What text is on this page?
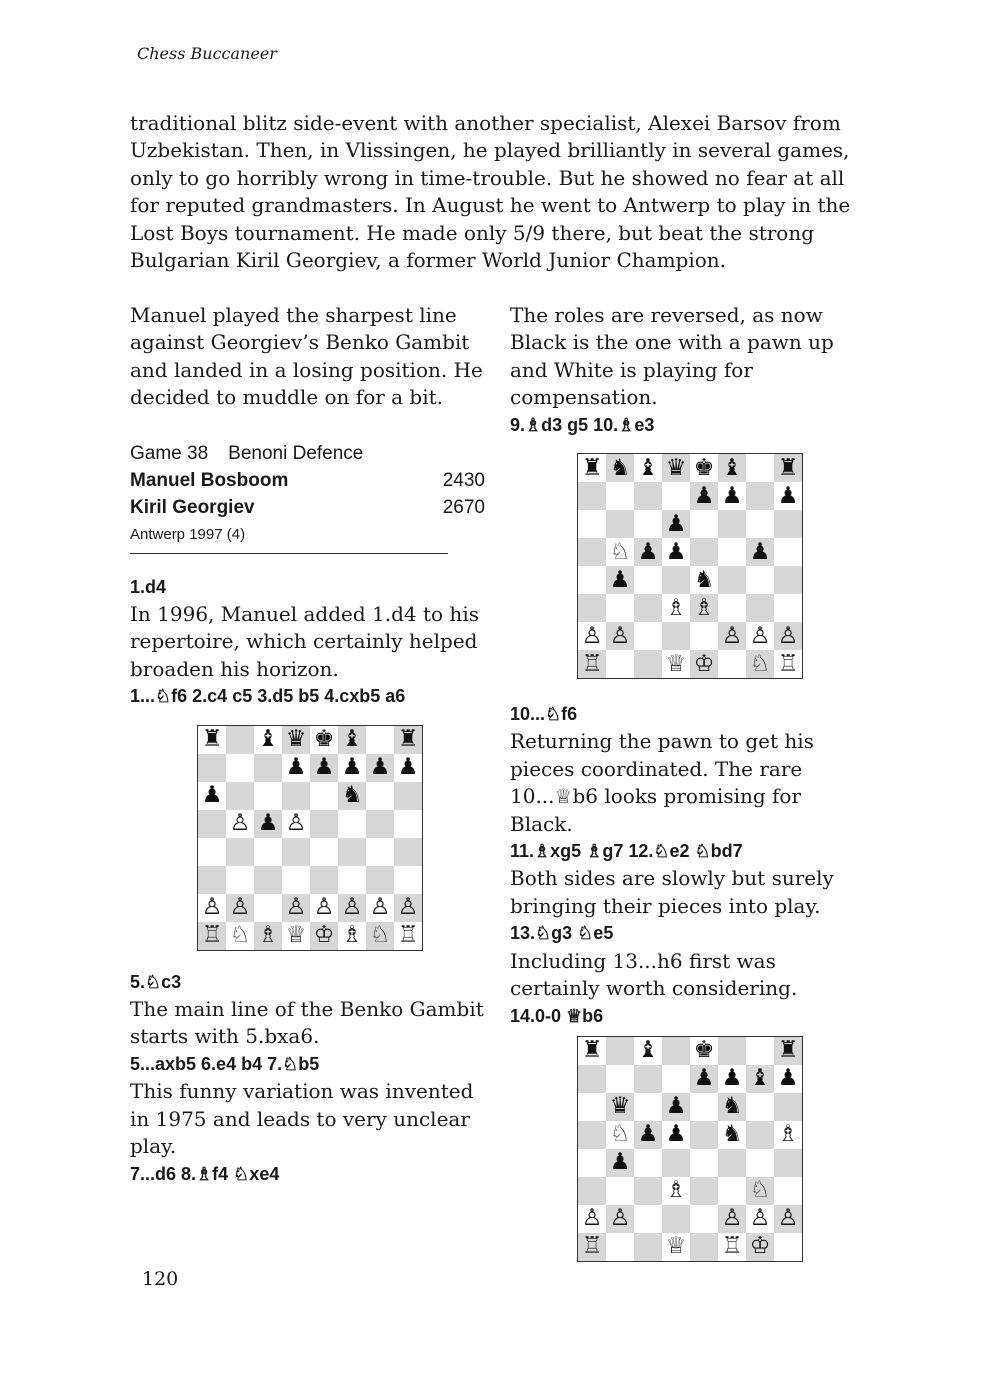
Chess Buccaneer

traditional blitz side-event with another specialist, Alexei Barsov from Uzbekistan. Then, in Vlissingen, he played brilliantly in several games, only to go horribly wrong in time-trouble. But he showed no fear at all for reputed grandmasters. In August he went to Antwerp to play in the Lost Boys tournament. He made only 5/9 there, but beat the strong Bulgarian Kiril Georgiev, a former World Junior Champion.

Manuel played the sharpest line against Georgiev’s Benko Gambit and landed in a losing position. He decided to muddle on for a bit.

Game 38 Benoni Defence
Manuel Bosboom	2430
Kiril Georgiev	2670
Antwerp 1997 (4)

1.d4

In 1996, Manuel added 1.d4 to his repertoire, which certainly helped broaden his horizon.

1...♘f6 2.c4 c5 3.d5 b5 4.cxb5 a6

♜ ♝ ♛ ♚ ♝ ♜
♟ ♟ ♟ ♟ ♟
♟	♞
♙ ♟ ♙
♙ ♙ ♙ ♙ ♙ ♙ ♙
♖ ♘ ♗ ♕ ♔ ♗ ♘ ♖

5.♘c3

The main line of the Benko Gambit starts with 5.bxa6.

5...axb5 6.e4 b4 7.♘b5

This funny variation was invented in 1975 and leads to very unclear play.

7...d6 8.♗f4 ♘xe4

The roles are reversed, as now Black is the one with a pawn up and White is playing for compensation.

9.♗d3 g5 10.♗e3

♜ ♞ ♝ ♛ ♚ ♝ ♜
♟ ♟ ♟
♟
♘ ♟ ♟	♟
♟	♞
♗ ♗
♙ ♙	♙ ♙ ♙
♖	♕ ♔ ♘ ♖

10...♘f6

Returning the pawn to get his pieces coordinated. The rare 10...♕b6 looks promising for Black.

11.♗xg5 ♗g7 12.♘e2 ♘bd7

Both sides are slowly but surely bringing their pieces into play.

13.♘g3 ♘e5

Including 13...h6 first was certainly worth considering.

14.0-0 ♕b6

♜ ♝ ♚	♜
♟ ♟ ♝ ♟
♛ ♟ ♞
♘ ♟ ♟ ♞ ♗
♟
♗	♘
♙ ♙	♙ ♙ ♙
♖	♕ ♖ ♔
120
